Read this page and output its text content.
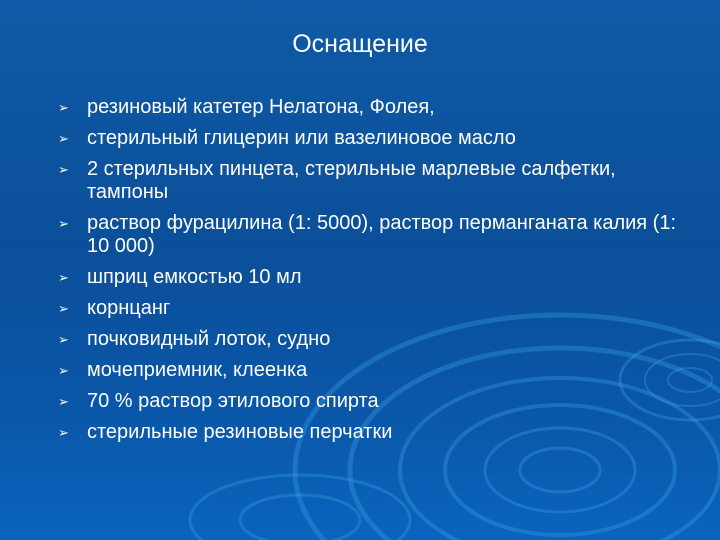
Оснащение
➢ резиновый катетер Нелатона, Фолея,
➢ стерильный глицерин или вазелиновое масло
➢ 2 стерильных пинцета, стерильные марлевые салфетки, тампоны
➢ раствор фурацилина (1: 5000), раствор перманганата калия (1: 10 000)
➢ шприц емкостью 10 мл
➢ корнцанг
➢ почковидный лоток, судно
➢ мочеприемник, клеенка
➢ 70 % раствор этилового спирта
➢ стерильные резиновые перчатки
